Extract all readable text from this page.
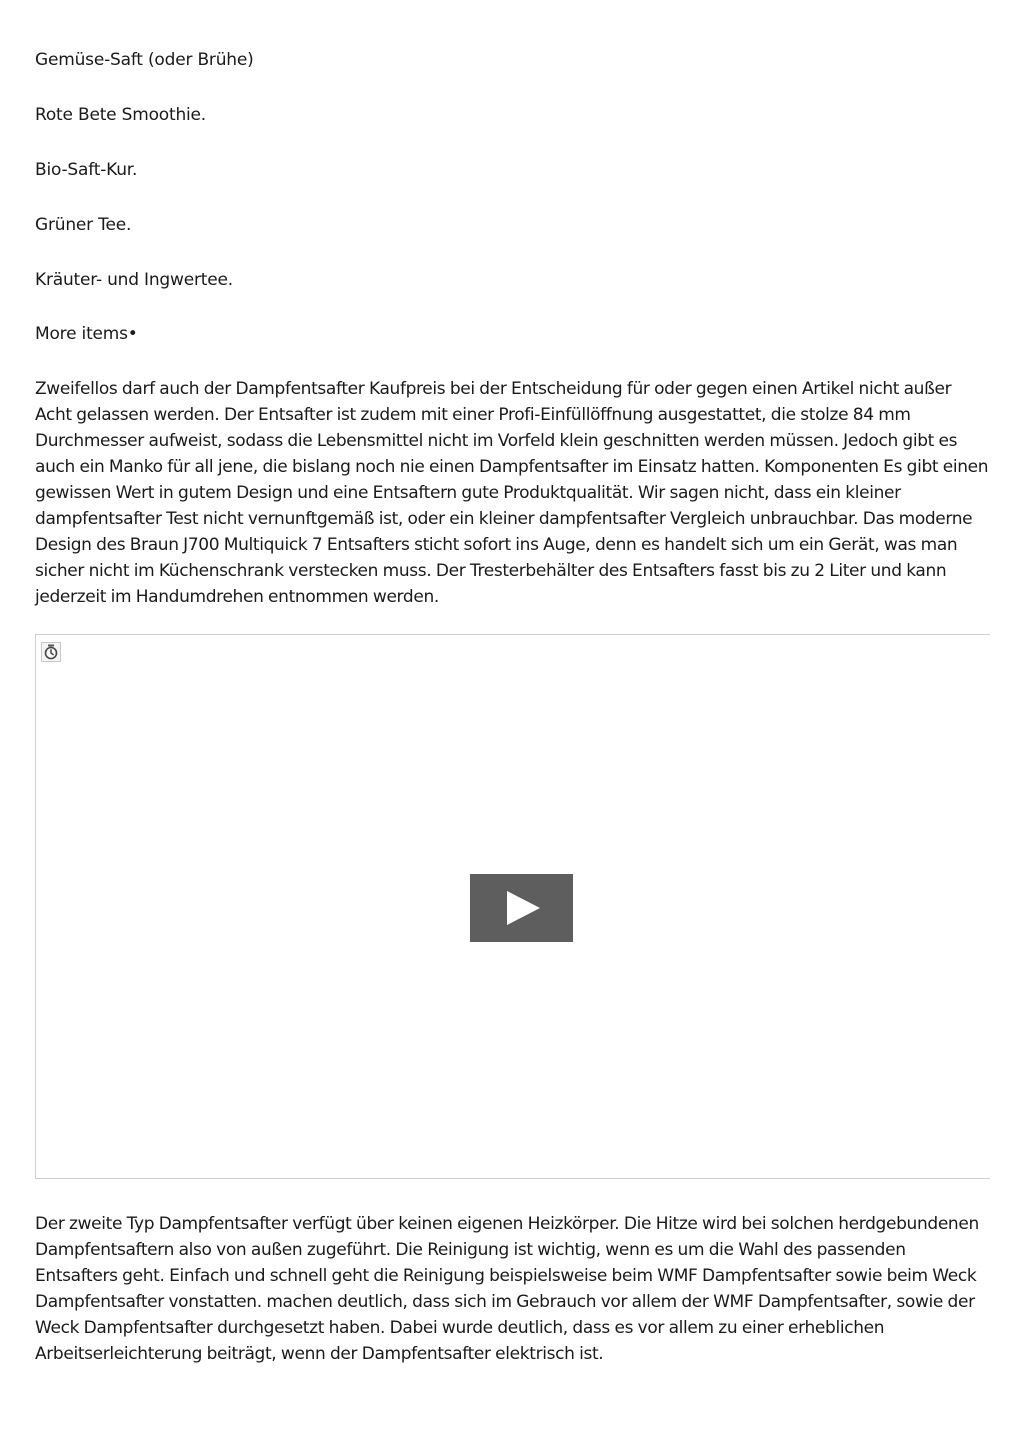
Gemüse-Saft (oder Brühe)
Rote Bete Smoothie.
Bio-Saft-Kur.
Grüner Tee.
Kräuter- und Ingwertee.
More items•
Zweifellos darf auch der Dampfentsafter Kaufpreis bei der Entscheidung für oder gegen einen Artikel nicht außer Acht gelassen werden. Der Entsafter ist zudem mit einer Profi-Einfüllöffnung ausgestattet, die stolze 84 mm Durchmesser aufweist, sodass die Lebensmittel nicht im Vorfeld klein geschnitten werden müssen. Jedoch gibt es auch ein Manko für all jene, die bislang noch nie einen Dampfentsafter im Einsatz hatten. Komponenten Es gibt einen gewissen Wert in gutem Design und eine Entsaftern gute Produktqualität. Wir sagen nicht, dass ein kleiner dampfentsafter Test nicht vernunftgemäß ist, oder ein kleiner dampfentsafter Vergleich unbrauchbar. Das moderne Design des Braun J700 Multiquick 7 Entsafters sticht sofort ins Auge, denn es handelt sich um ein Gerät, was man sicher nicht im Küchenschrank verstecken muss. Der Tresterbehälter des Entsafters fasst bis zu 2 Liter und kann jederzeit im Handumdrehen entnommen werden.
Der zweite Typ Dampfentsafter verfügt über keinen eigenen Heizkörper. Die Hitze wird bei solchen herdgebundenen Dampfentsaftern also von außen zugeführt. Die Reinigung ist wichtig, wenn es um die Wahl des passenden Entsafters geht. Einfach und schnell geht die Reinigung beispielsweise beim WMF Dampfentsafter sowie beim Weck Dampfentsafter vonstatten. machen deutlich, dass sich im Gebrauch vor allem der WMF Dampfentsafter, sowie der Weck Dampfentsafter durchgesetzt haben. Dabei wurde deutlich, dass es vor allem zu einer erheblichen Arbeitserleichterung beiträgt, wenn der Dampfentsafter elektrisch ist.
